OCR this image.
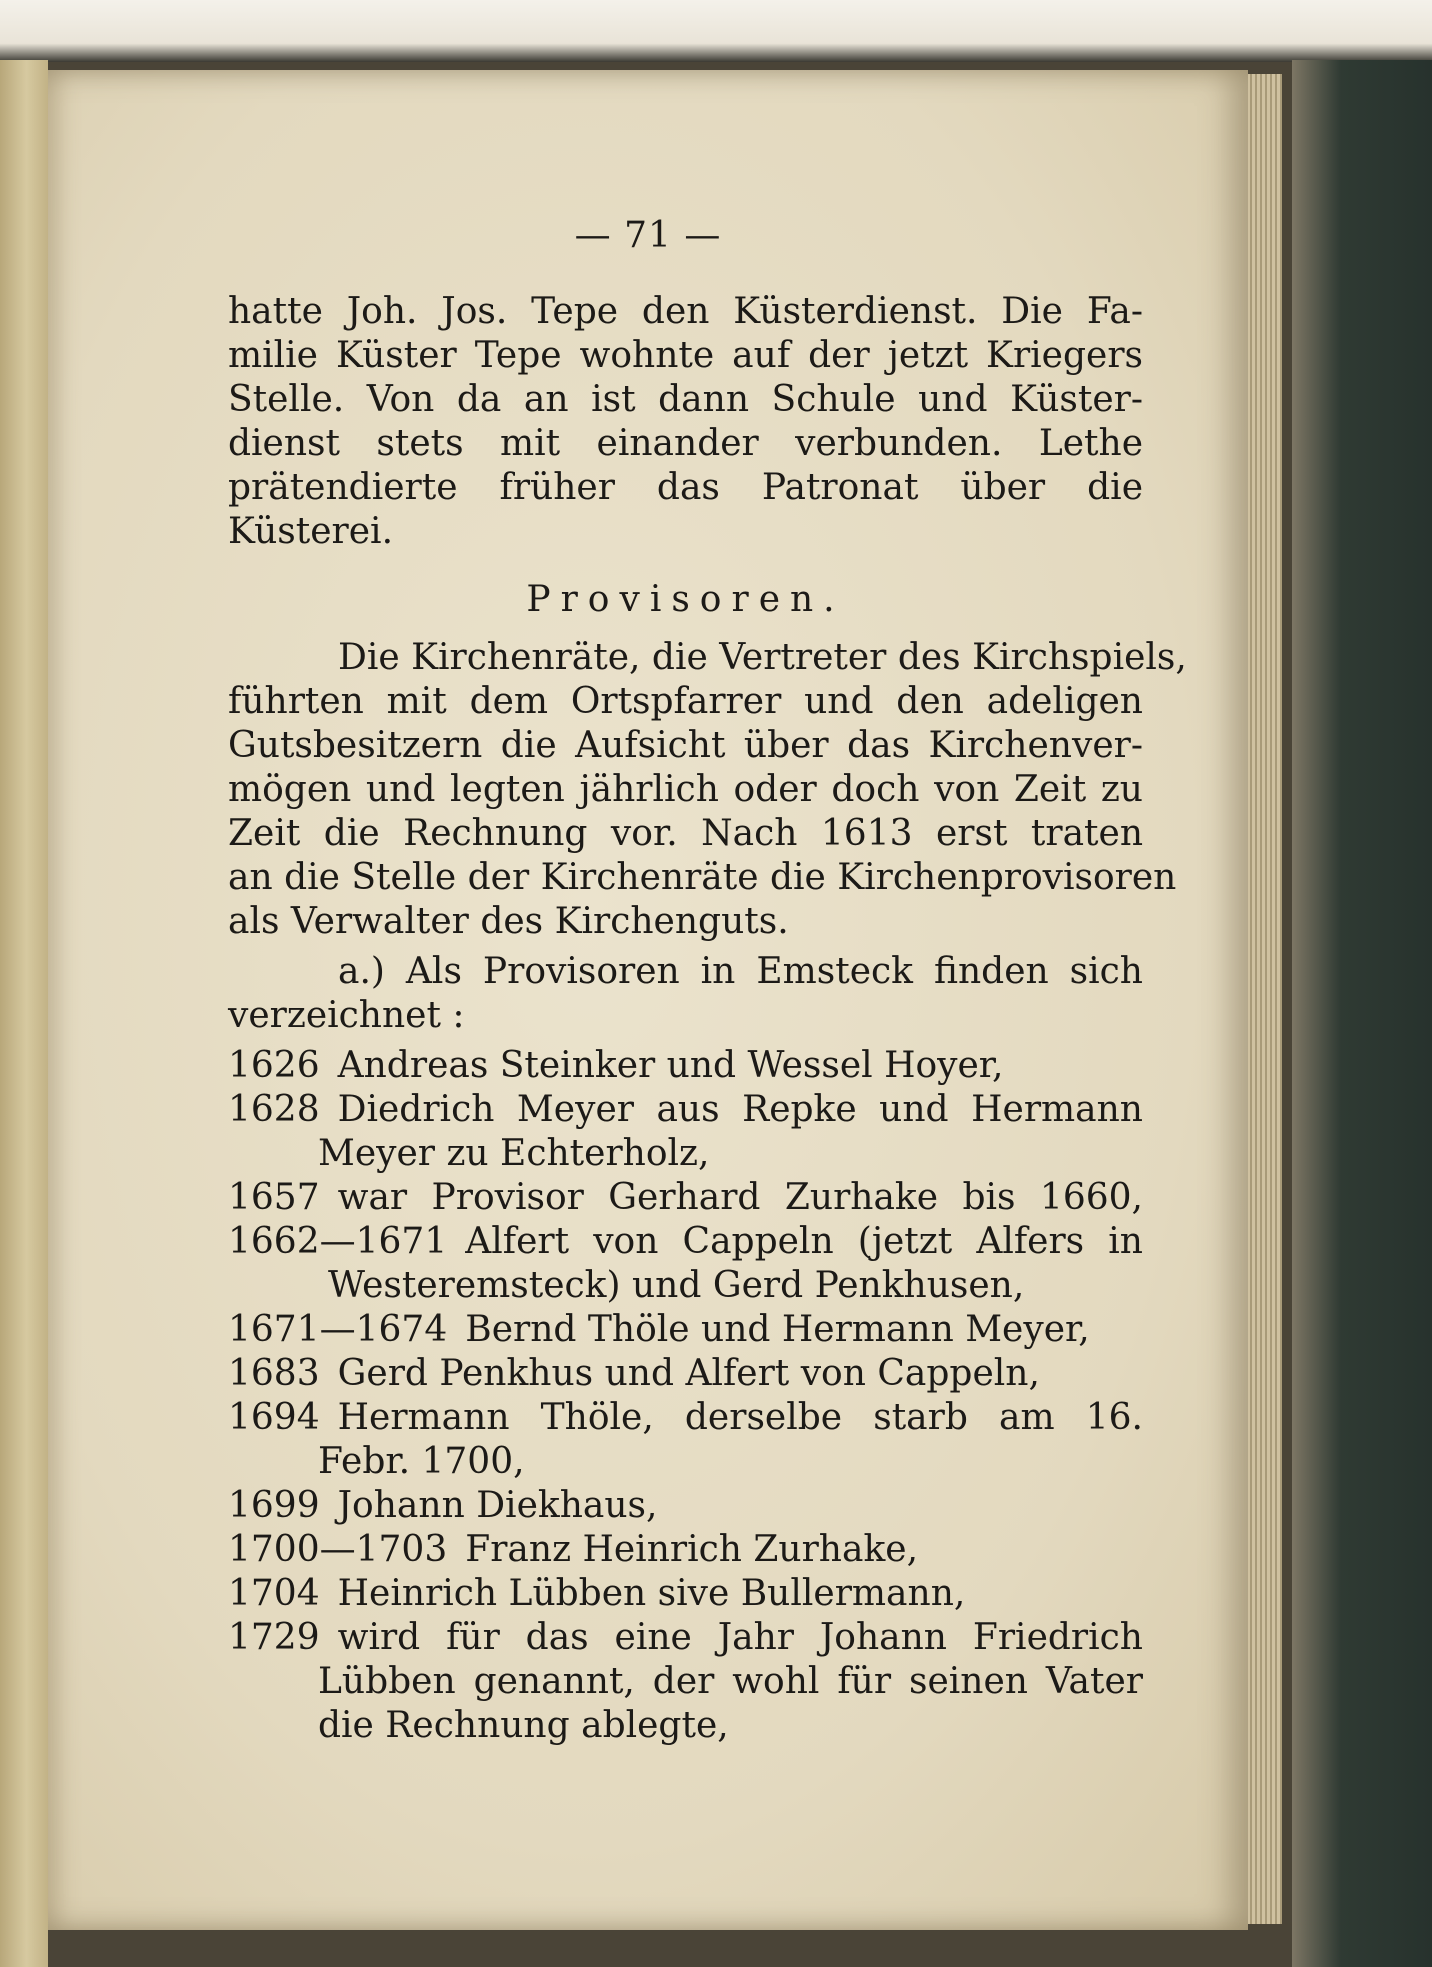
— 71 —
hatte Joh. Jos. Tepe den Küsterdienst. Die Fa-
milie Küster Tepe wohnte auf der jetzt Kriegers
Stelle. Von da an ist dann Schule und Küster-
dienst stets mit einander verbunden. Lethe
prätendierte früher das Patronat über die
Küsterei.
Provisoren.
Die Kirchenräte, die Vertreter des Kirchspiels,
führten mit dem Ortspfarrer und den adeligen
Gutsbesitzern die Aufsicht über das Kirchenver-
mögen und legten jährlich oder doch von Zeit zu
Zeit die Rechnung vor. Nach 1613 erst traten
an die Stelle der Kirchenräte die Kirchenprovisoren
als Verwalter des Kirchenguts.
a.) Als Provisoren in Emsteck finden sich
verzeichnet :
1626 Andreas Steinker und Wessel Hoyer,
1628 Diedrich Meyer aus Repke und Hermann
Meyer zu Echterholz,
1657 war Provisor Gerhard Zurhake bis 1660,
1662—1671 Alfert von Cappeln (jetzt Alfers in
Westeremsteck) und Gerd Penkhusen,
1671—1674 Bernd Thöle und Hermann Meyer,
1683 Gerd Penkhus und Alfert von Cappeln,
1694 Hermann Thöle, derselbe starb am 16.
Febr. 1700,
1699 Johann Diekhaus,
1700—1703 Franz Heinrich Zurhake,
1704 Heinrich Lübben sive Bullermann,
1729 wird für das eine Jahr Johann Friedrich
Lübben genannt, der wohl für seinen Vater
die Rechnung ablegte,
